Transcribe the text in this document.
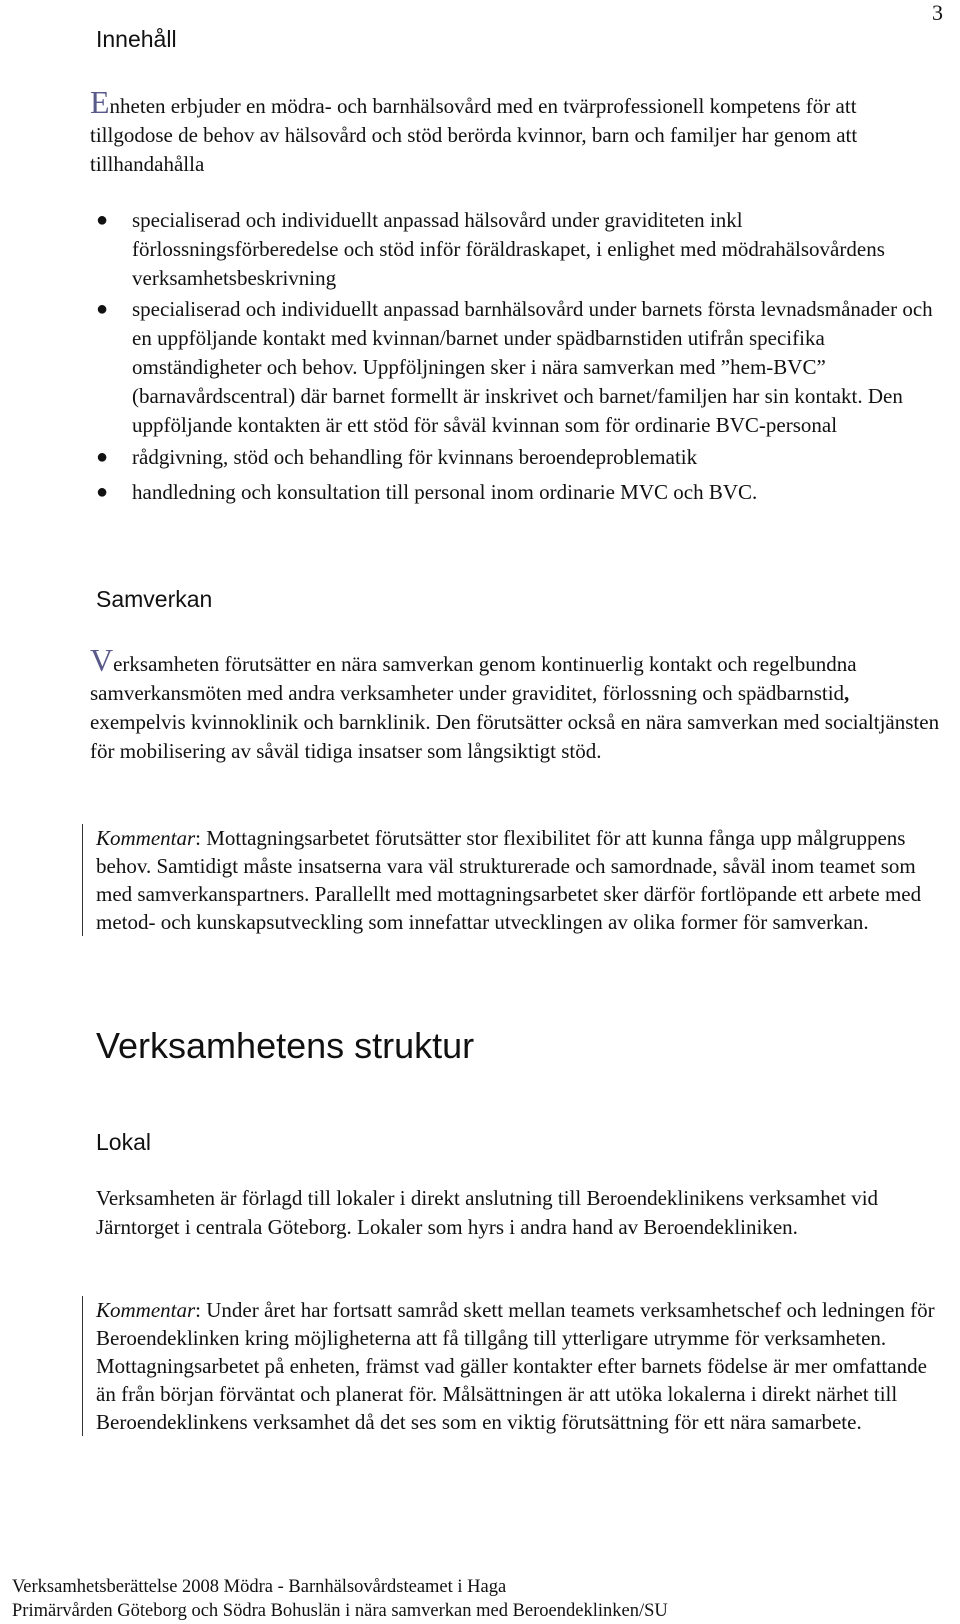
3
Innehåll

Enheten erbjuder en mödra- och barnhälsovård med en tvärprofessionell kompetens för att tillgodose de behov av hälsovård och stöd berörda kvinnor, barn och familjer har genom att tillhandahålla

● specialiserad och individuellt anpassad hälsovård under graviditeten inkl förlossningsförberedelse och stöd inför föräldraskapet, i enlighet med mödrahälsovårdens verksamhetsbeskrivning
● specialiserad och individuellt anpassad barnhälsovård under barnets första levnadsmånader och en uppföljande kontakt med kvinnan/barnet under spädbarnstiden utifrån specifika omständigheter och behov. Uppföljningen sker i nära samverkan med ”hem-BVC” (barnavårdscentral) där barnet formellt är inskrivet och barnet/familjen har sin kontakt. Den uppföljande kontakten är ett stöd för såväl kvinnan som för ordinarie BVC-personal
● rådgivning, stöd och behandling för kvinnans beroendeproblematik
● handledning och konsultation till personal inom ordinarie MVC och BVC.
Samverkan

Verksamheten förutsätter en nära samverkan genom kontinuerlig kontakt och regelbundna samverkansmöten med andra verksamheter under graviditet, förlossning och spädbarnstid, exempelvis kvinnoklinik och barnklinik. Den förutsätter också en nära samverkan med socialtjänsten för mobilisering av såväl tidiga insatser som långsiktigt stöd.

Kommentar: Mottagningsarbetet förutsätter stor flexibilitet för att kunna fånga upp målgruppens behov. Samtidigt måste insatserna vara väl strukturerade och samordnade, såväl inom teamet som med samverkanspartners. Parallellt med mottagningsarbetet sker därför fortlöpande ett arbete med metod- och kunskapsutveckling som innefattar utvecklingen av olika former för samverkan.

Verksamhetens struktur
Lokal

Verksamheten är förlagd till lokaler i direkt anslutning till Beroendeklinikens verksamhet vid Järntorget i centrala Göteborg. Lokaler som hyrs i andra hand av Beroendekliniken.

Kommentar: Under året har fortsatt samråd skett mellan teamets verksamhetschef och ledningen för Beroendeklinken kring möjligheterna att få tillgång till ytterligare utrymme för verksamheten. Mottagningsarbetet på enheten, främst vad gäller kontakter efter barnets födelse är mer omfattande än från början förväntat och planerat för. Målsättningen är att utöka lokalerna i direkt närhet till Beroendeklinkens verksamhet då det ses som en viktig förutsättning för ett nära samarbete.

Verksamhetsberättelse 2008 Mödra - Barnhälsovårdsteamet i Haga
Primärvården Göteborg och Södra Bohuslän i nära samverkan med Beroendeklinken/SU
